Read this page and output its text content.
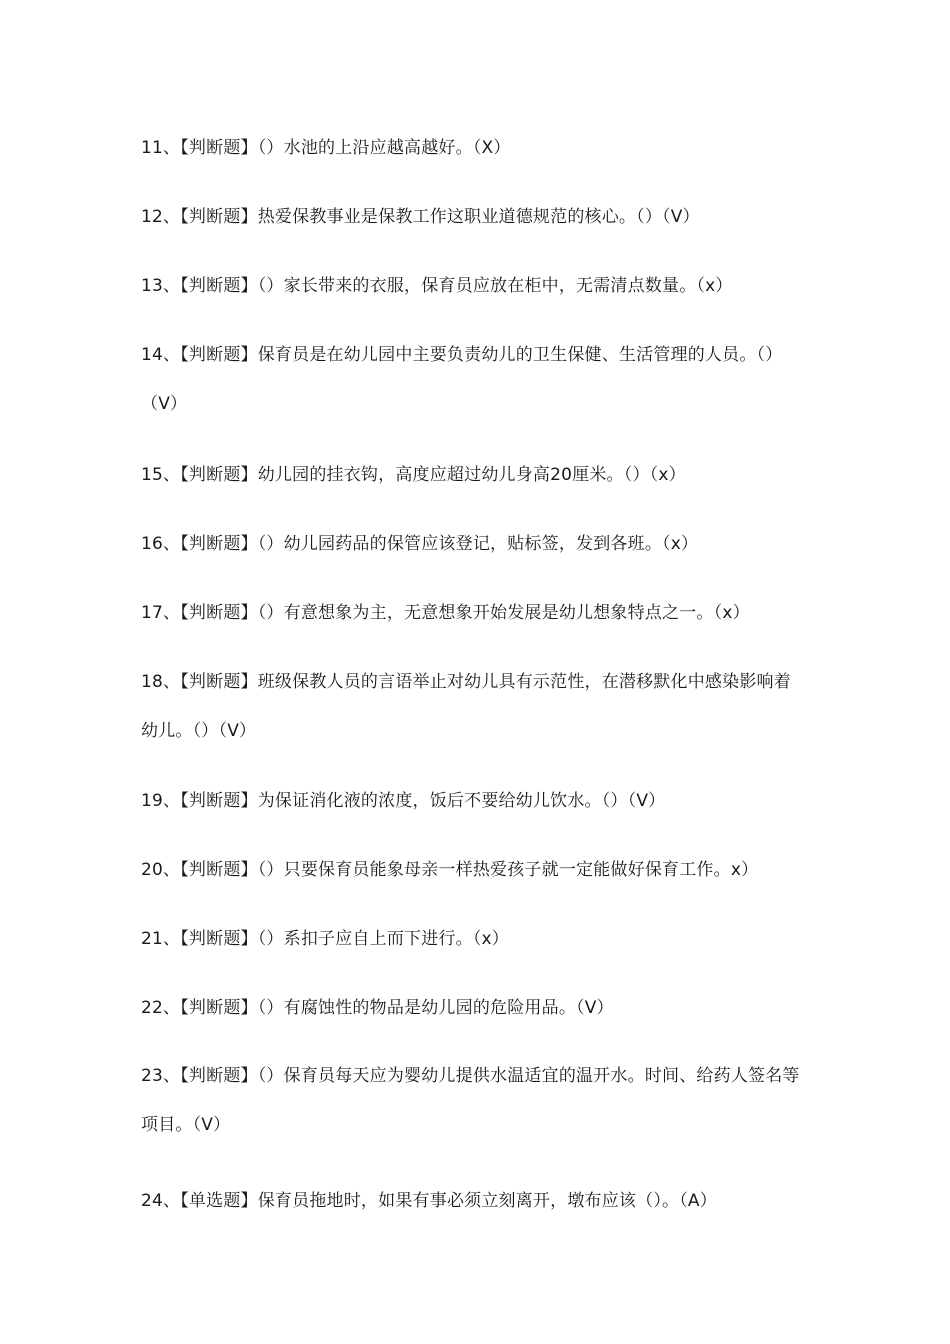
11、【判断题】（）水池的上沿应越高越好。（X）
12、【判断题】热爱保教事业是保教工作这职业道德规范的核心。（）（V）
13、【判断题】（）家长带来的衣服，保育员应放在柜中，无需清点数量。（x）
14、【判断题】保育员是在幼儿园中主要负责幼儿的卫生保健、生活管理的人员。（）（V）
15、【判断题】幼儿园的挂衣钩，高度应超过幼儿身高20厘米。（）（x）
16、【判断题】（）幼儿园药品的保管应该登记，贴标签，发到各班。（x）
17、【判断题】（）有意想象为主，无意想象开始发展是幼儿想象特点之一。（x）
18、【判断题】班级保教人员的言语举止对幼儿具有示范性，在潜移默化中感染影响着幼儿。（）（V）
19、【判断题】为保证消化液的浓度，饭后不要给幼儿饮水。（）（V）
20、【判断题】（）只要保育员能象母亲一样热爱孩子就一定能做好保育工作。x）
21、【判断题】（）系扣子应自上而下进行。（x）
22、【判断题】（）有腐蚀性的物品是幼儿园的危险用品。（V）
23、【判断题】（）保育员每天应为婴幼儿提供水温适宜的温开水。时间、给药人签名等项目。（V）
24、【单选题】保育员拖地时，如果有事必须立刻离开，墩布应该（）。（A）
